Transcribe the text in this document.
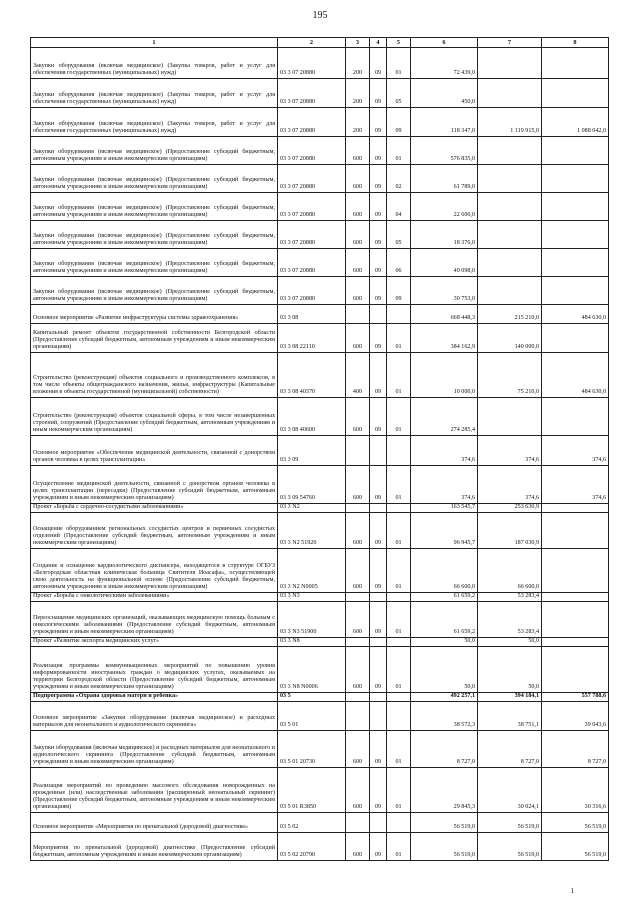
195
1	2	3	4	5	6	7	8
Закупки оборудования (включая медицинское) (Закупка товаров, работ и услуг для обеспечения государственных (муниципальных) нужд)	03 3 07 20880	200	09	01	72 439,0		
Закупки оборудования (включая медицинское) (Закупка товаров, работ и услуг для обеспечения государственных (муниципальных) нужд)	03 3 07 20880	200	09	05	450,0		
Закупки оборудования (включая медицинское) (Закупка товаров, работ и услуг для обеспечения государственных (муниципальных) нужд)	03 3 07 20880	200	09	09	118 347,0	1 119 915,0	1 088 042,0
Закупки оборудования (включая медицинское) (Предоставление субсидий бюджетным, автономным учреждениям и иным некоммерческим организациям)	03 3 07 20880	600	09	01	576 835,0		
Закупки оборудования (включая медицинское) (Предоставление субсидий бюджетным, автономным учреждениям и иным некоммерческим организациям)	03 3 07 20880	600	09	02	61 789,0		
Закупки оборудования (включая медицинское) (Предоставление субсидий бюджетным, автономным учреждениям и иным некоммерческим организациям)	03 3 07 20880	600	09	04	22 600,0		
Закупки оборудования (включая медицинское) (Предоставление субсидий бюджетным, автономным учреждениям и иным некоммерческим организациям)	03 3 07 20880	600	09	05	18 376,0		
Закупки оборудования (включая медицинское) (Предоставление субсидий бюджетным, автономным учреждениям и иным некоммерческим организациям)	03 3 07 20880	600	09	06	49 098,0		
Закупки оборудования (включая медицинское) (Предоставление субсидий бюджетным, автономным учреждениям и иным некоммерческим организациям)	03 3 07 20880	600	09	09	30 753,0		
Основное мероприятие «Развитие инфраструктуры системы здравоохранения»	03 3 08				668 448,3	215 210,0	484 630,0
Капитальный ремонт объектов государственной собственности Белгородской области (Предоставление субсидий бюджетным, автономным учреждениям и иным некоммерческим организациям)	03 3 08 22110	600	09	01	384 162,9	140 000,0	
Строительство (реконструкция) объектов социального и производственного комплексов, в том числе объекты общегражданского назначения, жилья, инфраструктуры (Капитальные вложения в объекты государственной (муниципальной) собственности)	03 3 08 40370	400	09	01	10 000,0	75 210,0	484 630,0
Строительство (реконструкция) объектов социальной сферы, в том числе незавершенных строений, сооружений (Предоставление субсидий бюджетным, автономным учреждениям и иным некоммерческим организациям)	03 3 08 40600	600	09	01	274 285,4		
Основное мероприятие «Обеспечение медицинской деятельности, связанной с донорством органов человека в целях трансплантации»	03 3 09				374,6	374,6	374,6
Осуществление медицинской деятельности, связанной с донорством органов человека в целях трансплантации (пересадки) (Предоставление субсидий бюджетным, автономным учреждениям и иным некоммерческим организациям)	03 3 09 54760	600	09	01	374,6	374,6	374,6
Проект «Борьба с сердечно-сосудистыми заболеваниями»	03 3 N2				163 545,7	253 630,9	
Оснащение оборудованием региональных сосудистых центров и первичных сосудистых отделений (Предоставление субсидий бюджетным, автономным учреждениям и иным некоммерческим организациям)	03 3 N2 51920	600	09	01	96 945,7	187 030,9	
Создание и оснащение кардиологического диспансера, находящегося в структуре ОГБУЗ «Белгородская областная клиническая больница Святителя Иоасафа», осуществляющей свою деятельность на функциональной основе (Предоставление субсидий бюджетным, автономным учреждениям и иным некоммерческим организациям)	03 3 N2 N0005	600	09	01	66 600,0	66 600,0	
Проект «Борьба с онкологическими заболеваниями»	03 3 N3				61 659,2	53 283,4	
Переоснащение медицинских организаций, оказывающих медицинскую помощь больным с онкологическими заболеваниями (Предоставление субсидий бюджетным, автономным учреждениям и иным некоммерческим организациям)	03 3 N3 51900	600	09	01	61 659,2	53 283,4	
Проект «Развитие экспорта медицинских услуг»	03 3 N8				50,0	50,0	
Реализация программы коммуникационных мероприятий по повышению уровня информированности иностранных граждан о медицинских услугах, оказываемых на территории Белгородской области (Предоставление субсидий бюджетным, автономным учреждениям и иным некоммерческим организациям)	03 3 N8 N0006	600	09	01	50,0	50,0	
Подпрограмма «Охрана здоровья матери и ребенка»	03 5				492 257,1	394 184,1	557 788,6
Основное мероприятие «Закупки оборудования (включая медицинское) и расходных материалов для неонатального и аудиологического скрининга»	03 5 01				38 572,3	38 751,1	39 043,6
Закупки оборудования (включая медицинское) и расходных материалов для неонатального и аудиологического скрининга (Предоставление субсидий бюджетным, автономным учреждениям и иным некоммерческим организациям)	03 5 01 20730	600	09	01	8 727,0	8 727,0	8 727,0
Реализация мероприятий по проведению массового обследования новорожденных на врожденные (или) наследственные заболевания (расширенный неонатальный скрининг) (Предоставление субсидий бюджетным, автономным учреждениям и иным некоммерческим организациям)	03 5 01 R3850	600	09	01	29 845,3	30 024,1	30 316,6
Основное мероприятие «Мероприятия по пренатальной (дородовой) диагностике»	03 5 02				56 519,0	56 519,0	56 519,0
Мероприятия по пренатальной (дородовой) диагностике (Предоставление субсидий бюджетным, автономным учреждениям и иным некоммерческим организациям)	03 5 02 20790	600	09	01	56 519,0	56 519,0	56 519,0
1
